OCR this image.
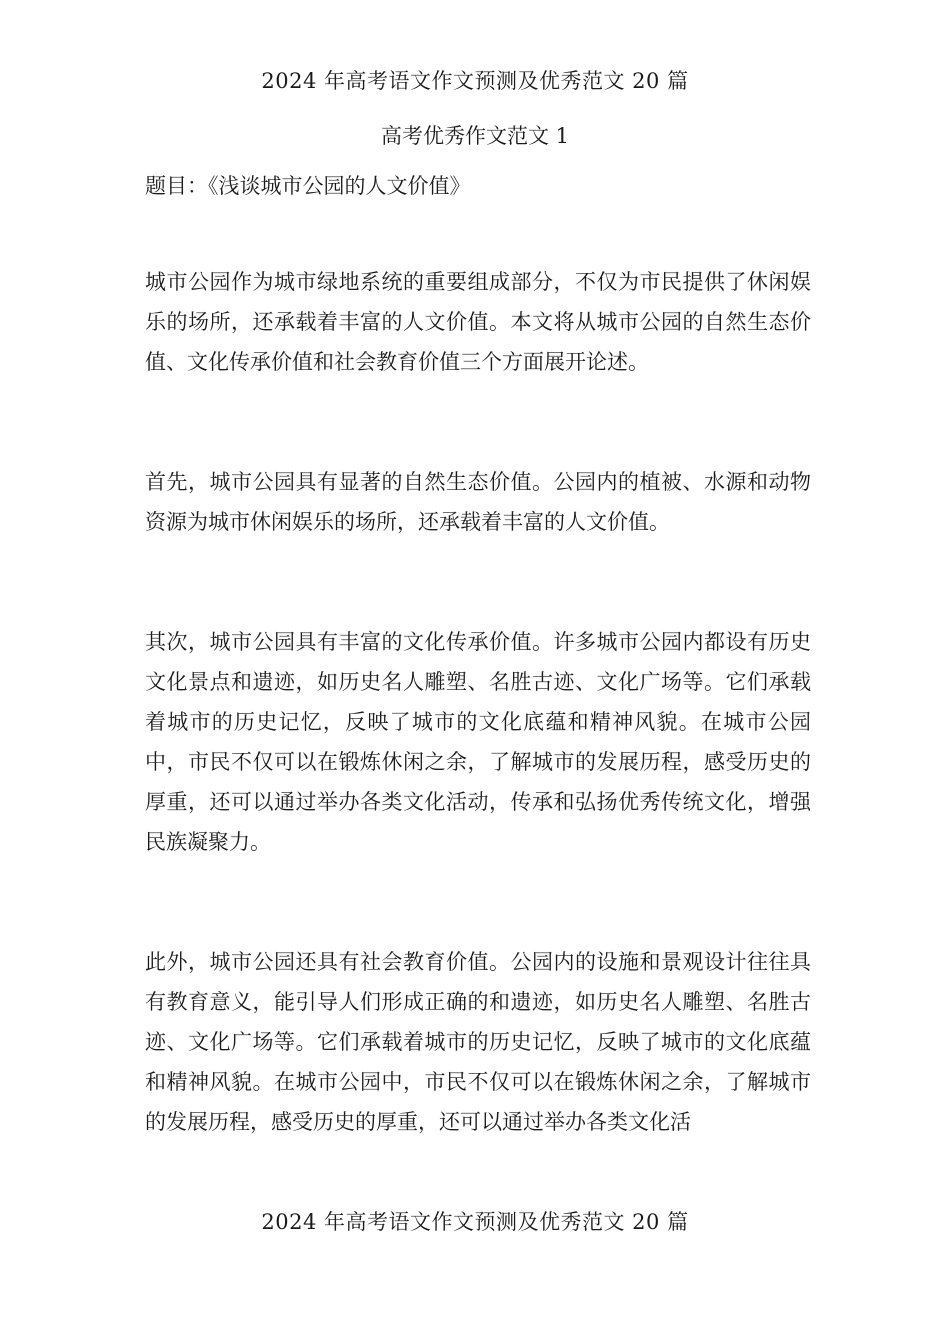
2024 年高考语文作文预测及优秀范文 20 篇
高考优秀作文范文 1
题目：《浅谈城市公园的人文价值》

城市公园作为城市绿地系统的重要组成部分，不仅为市民提供了休闲娱乐的场所，还承载着丰富的人文价值。本文将从城市公园的自然生态价值、文化传承价值和社会教育价值三个方面展开论述。

首先，城市公园具有显著的自然生态价值。公园内的植被、水源和动物资源为城市休闲娱乐的场所，还承载着丰富的人文价值。

其次，城市公园具有丰富的文化传承价值。许多城市公园内都设有历史文化景点和遗迹，如历史名人雕塑、名胜古迹、文化广场等。它们承载着城市的历史记忆，反映了城市的文化底蕴和精神风貌。在城市公园中，市民不仅可以在锻炼休闲之余，了解城市的发展历程，感受历史的厚重，还可以通过举办各类文化活动，传承和弘扬优秀传统文化，增强民族凝聚力。

此外，城市公园还具有社会教育价值。公园内的设施和景观设计往往具有教育意义，能引导人们形成正确的和遗迹，如历史名人雕塑、名胜古迹、文化广场等。它们承载着城市的历史记忆，反映了城市的文化底蕴和精神风貌。在城市公园中，市民不仅可以在锻炼休闲之余，了解城市的发展历程，感受历史的厚重，还可以通过举办各类文化活

2024 年高考语文作文预测及优秀范文 20 篇
